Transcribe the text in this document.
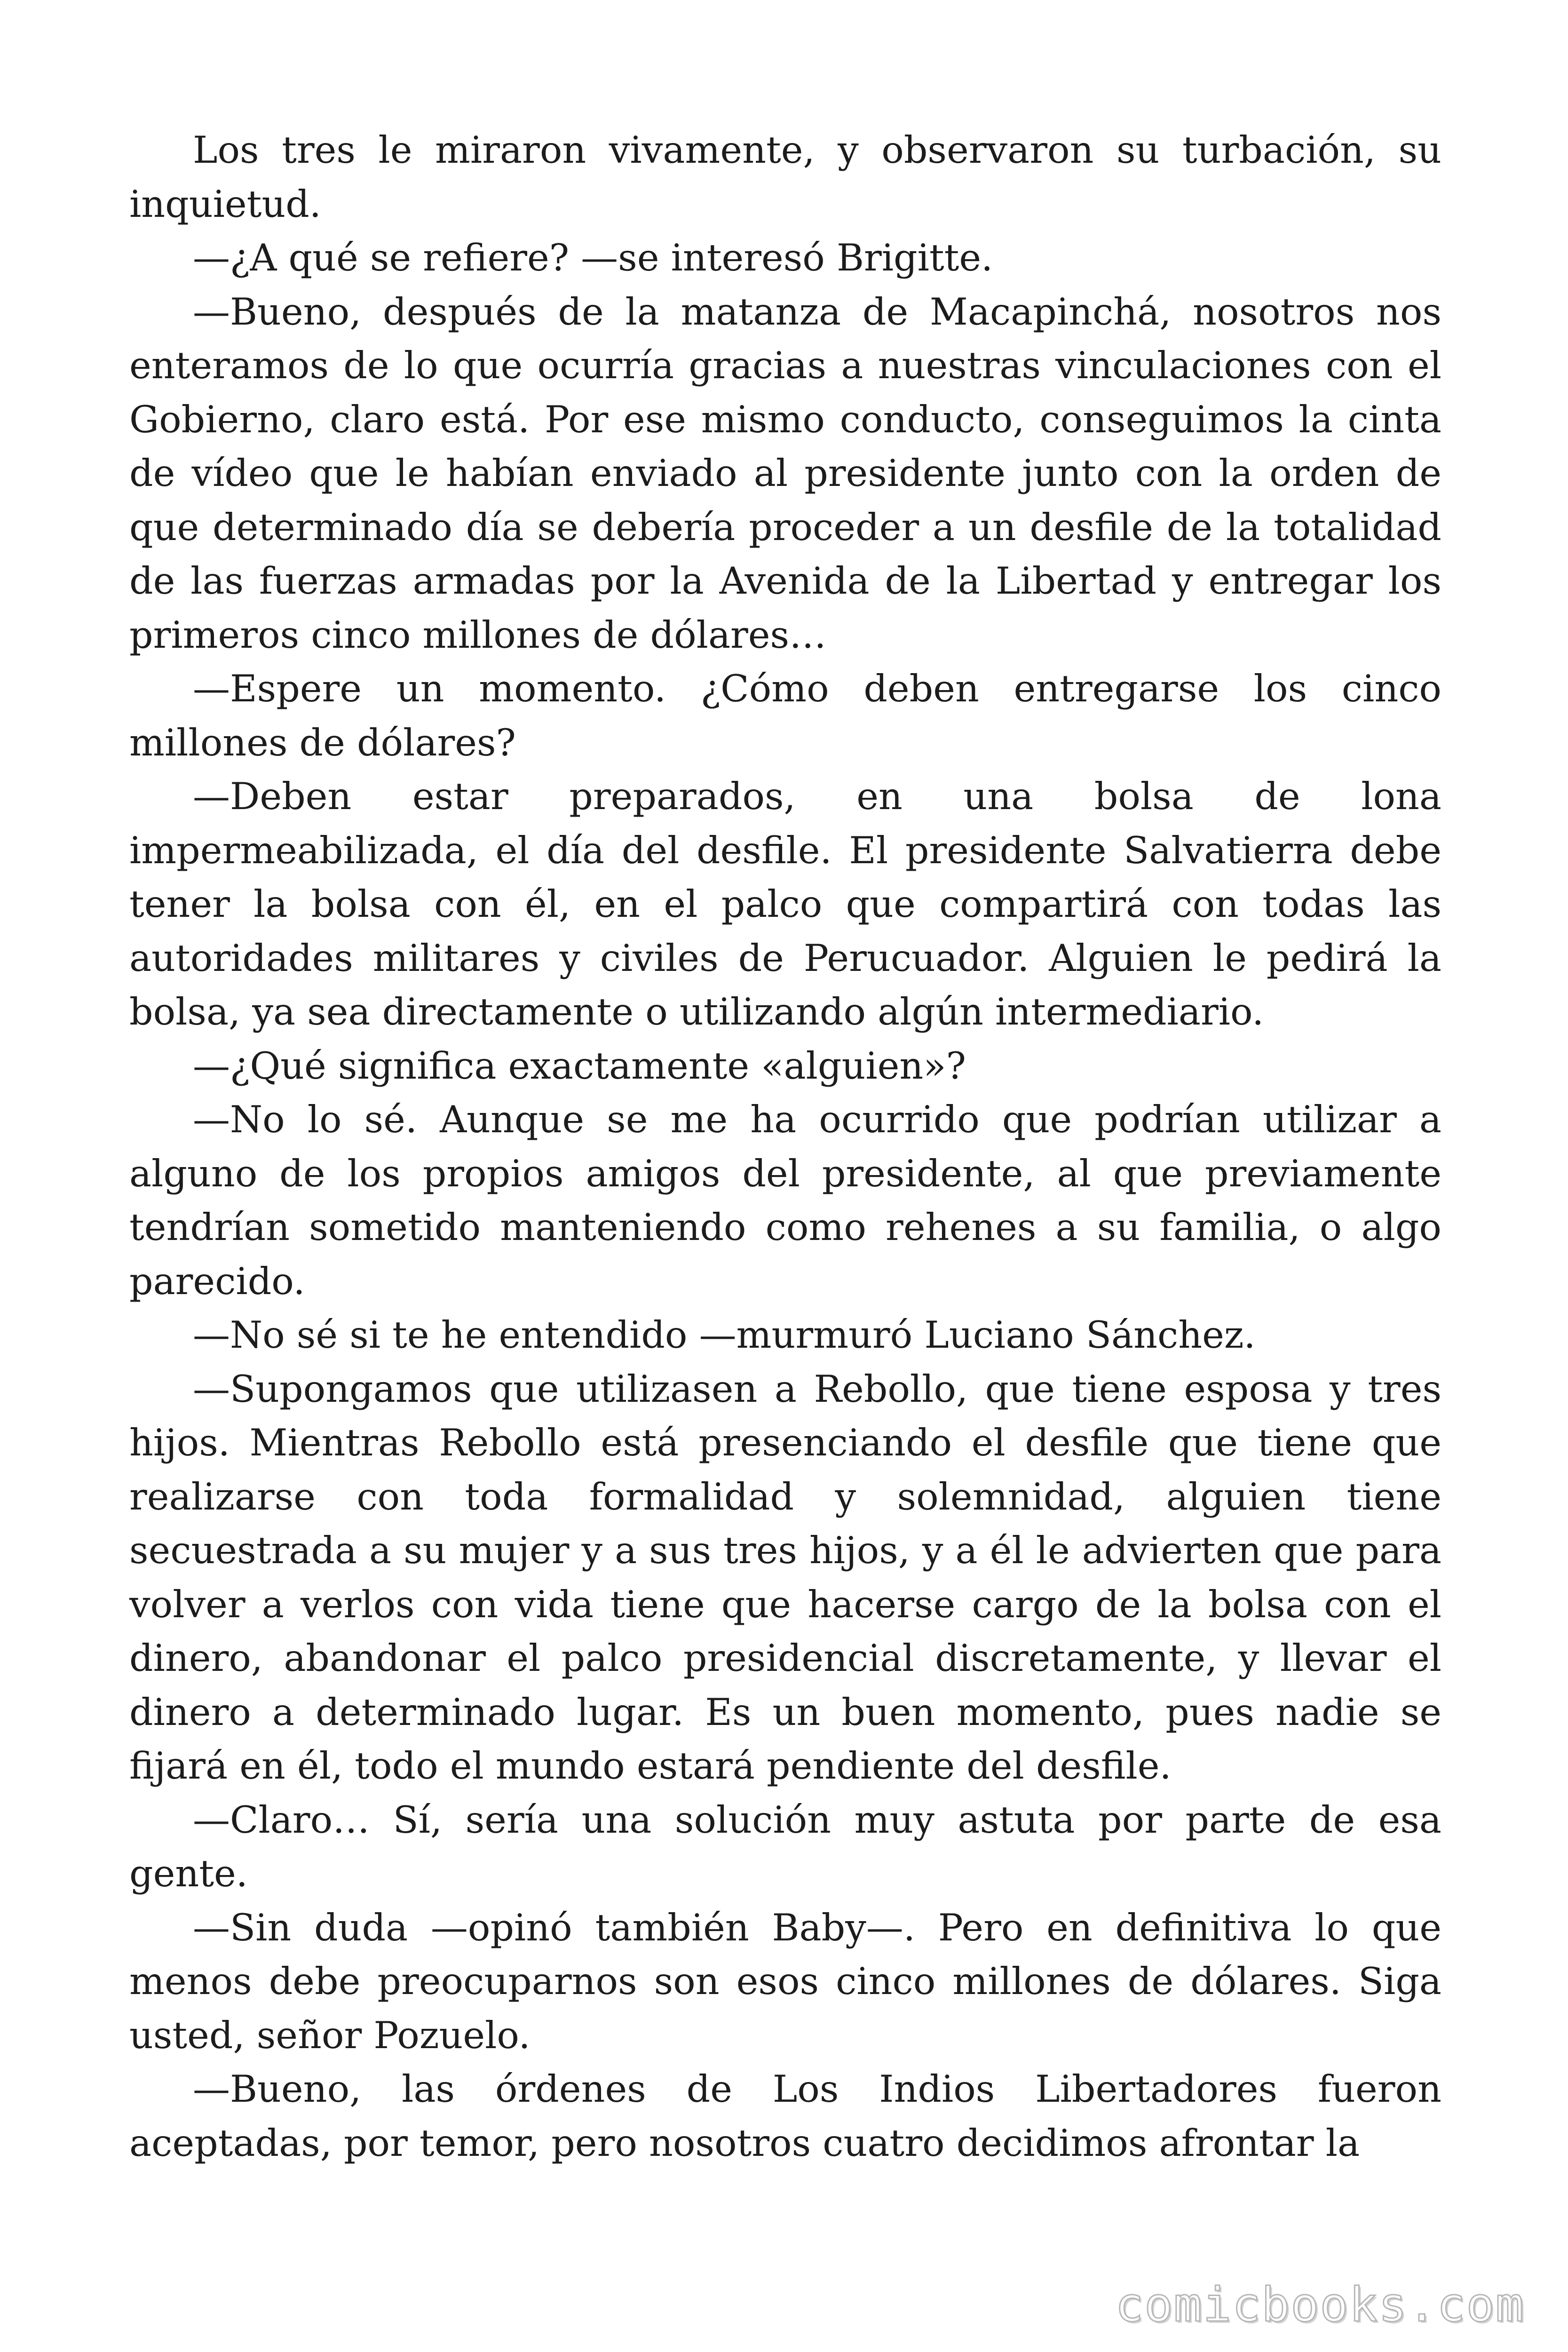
Los tres le miraron vivamente, y observaron su turbación, su inquietud.

—¿A qué se refiere? —se interesó Brigitte.

—Bueno, después de la matanza de Macapinchá, nosotros nos enteramos de lo que ocurría gracias a nuestras vinculaciones con el Gobierno, claro está. Por ese mismo conducto, conseguimos la cinta de vídeo que le habían enviado al presidente junto con la orden de que determinado día se debería proceder a un desfile de la totalidad de las fuerzas armadas por la Avenida de la Libertad y entregar los primeros cinco millones de dólares…

—Espere un momento. ¿Cómo deben entregarse los cinco millones de dólares?

—Deben estar preparados, en una bolsa de lona impermeabilizada, el día del desfile. El presidente Salvatierra debe tener la bolsa con él, en el palco que compartirá con todas las autoridades militares y civiles de Perucuador. Alguien le pedirá la bolsa, ya sea directamente o utilizando algún intermediario.

—¿Qué significa exactamente «alguien»?

—No lo sé. Aunque se me ha ocurrido que podrían utilizar a alguno de los propios amigos del presidente, al que previamente tendrían sometido manteniendo como rehenes a su familia, o algo parecido.

—No sé si te he entendido —murmuró Luciano Sánchez.

—Supongamos que utilizasen a Rebollo, que tiene esposa y tres hijos. Mientras Rebollo está presenciando el desfile que tiene que realizarse con toda formalidad y solemnidad, alguien tiene secuestrada a su mujer y a sus tres hijos, y a él le advierten que para volver a verlos con vida tiene que hacerse cargo de la bolsa con el dinero, abandonar el palco presidencial discretamente, y llevar el dinero a determinado lugar. Es un buen momento, pues nadie se fijará en él, todo el mundo estará pendiente del desfile.

—Claro… Sí, sería una solución muy astuta por parte de esa gente.

—Sin duda —opinó también Baby—. Pero en definitiva lo que menos debe preocuparnos son esos cinco millones de dólares. Siga usted, señor Pozuelo.

—Bueno, las órdenes de Los Indios Libertadores fueron aceptadas, por temor, pero nosotros cuatro decidimos afrontar la

comicbooks.com
